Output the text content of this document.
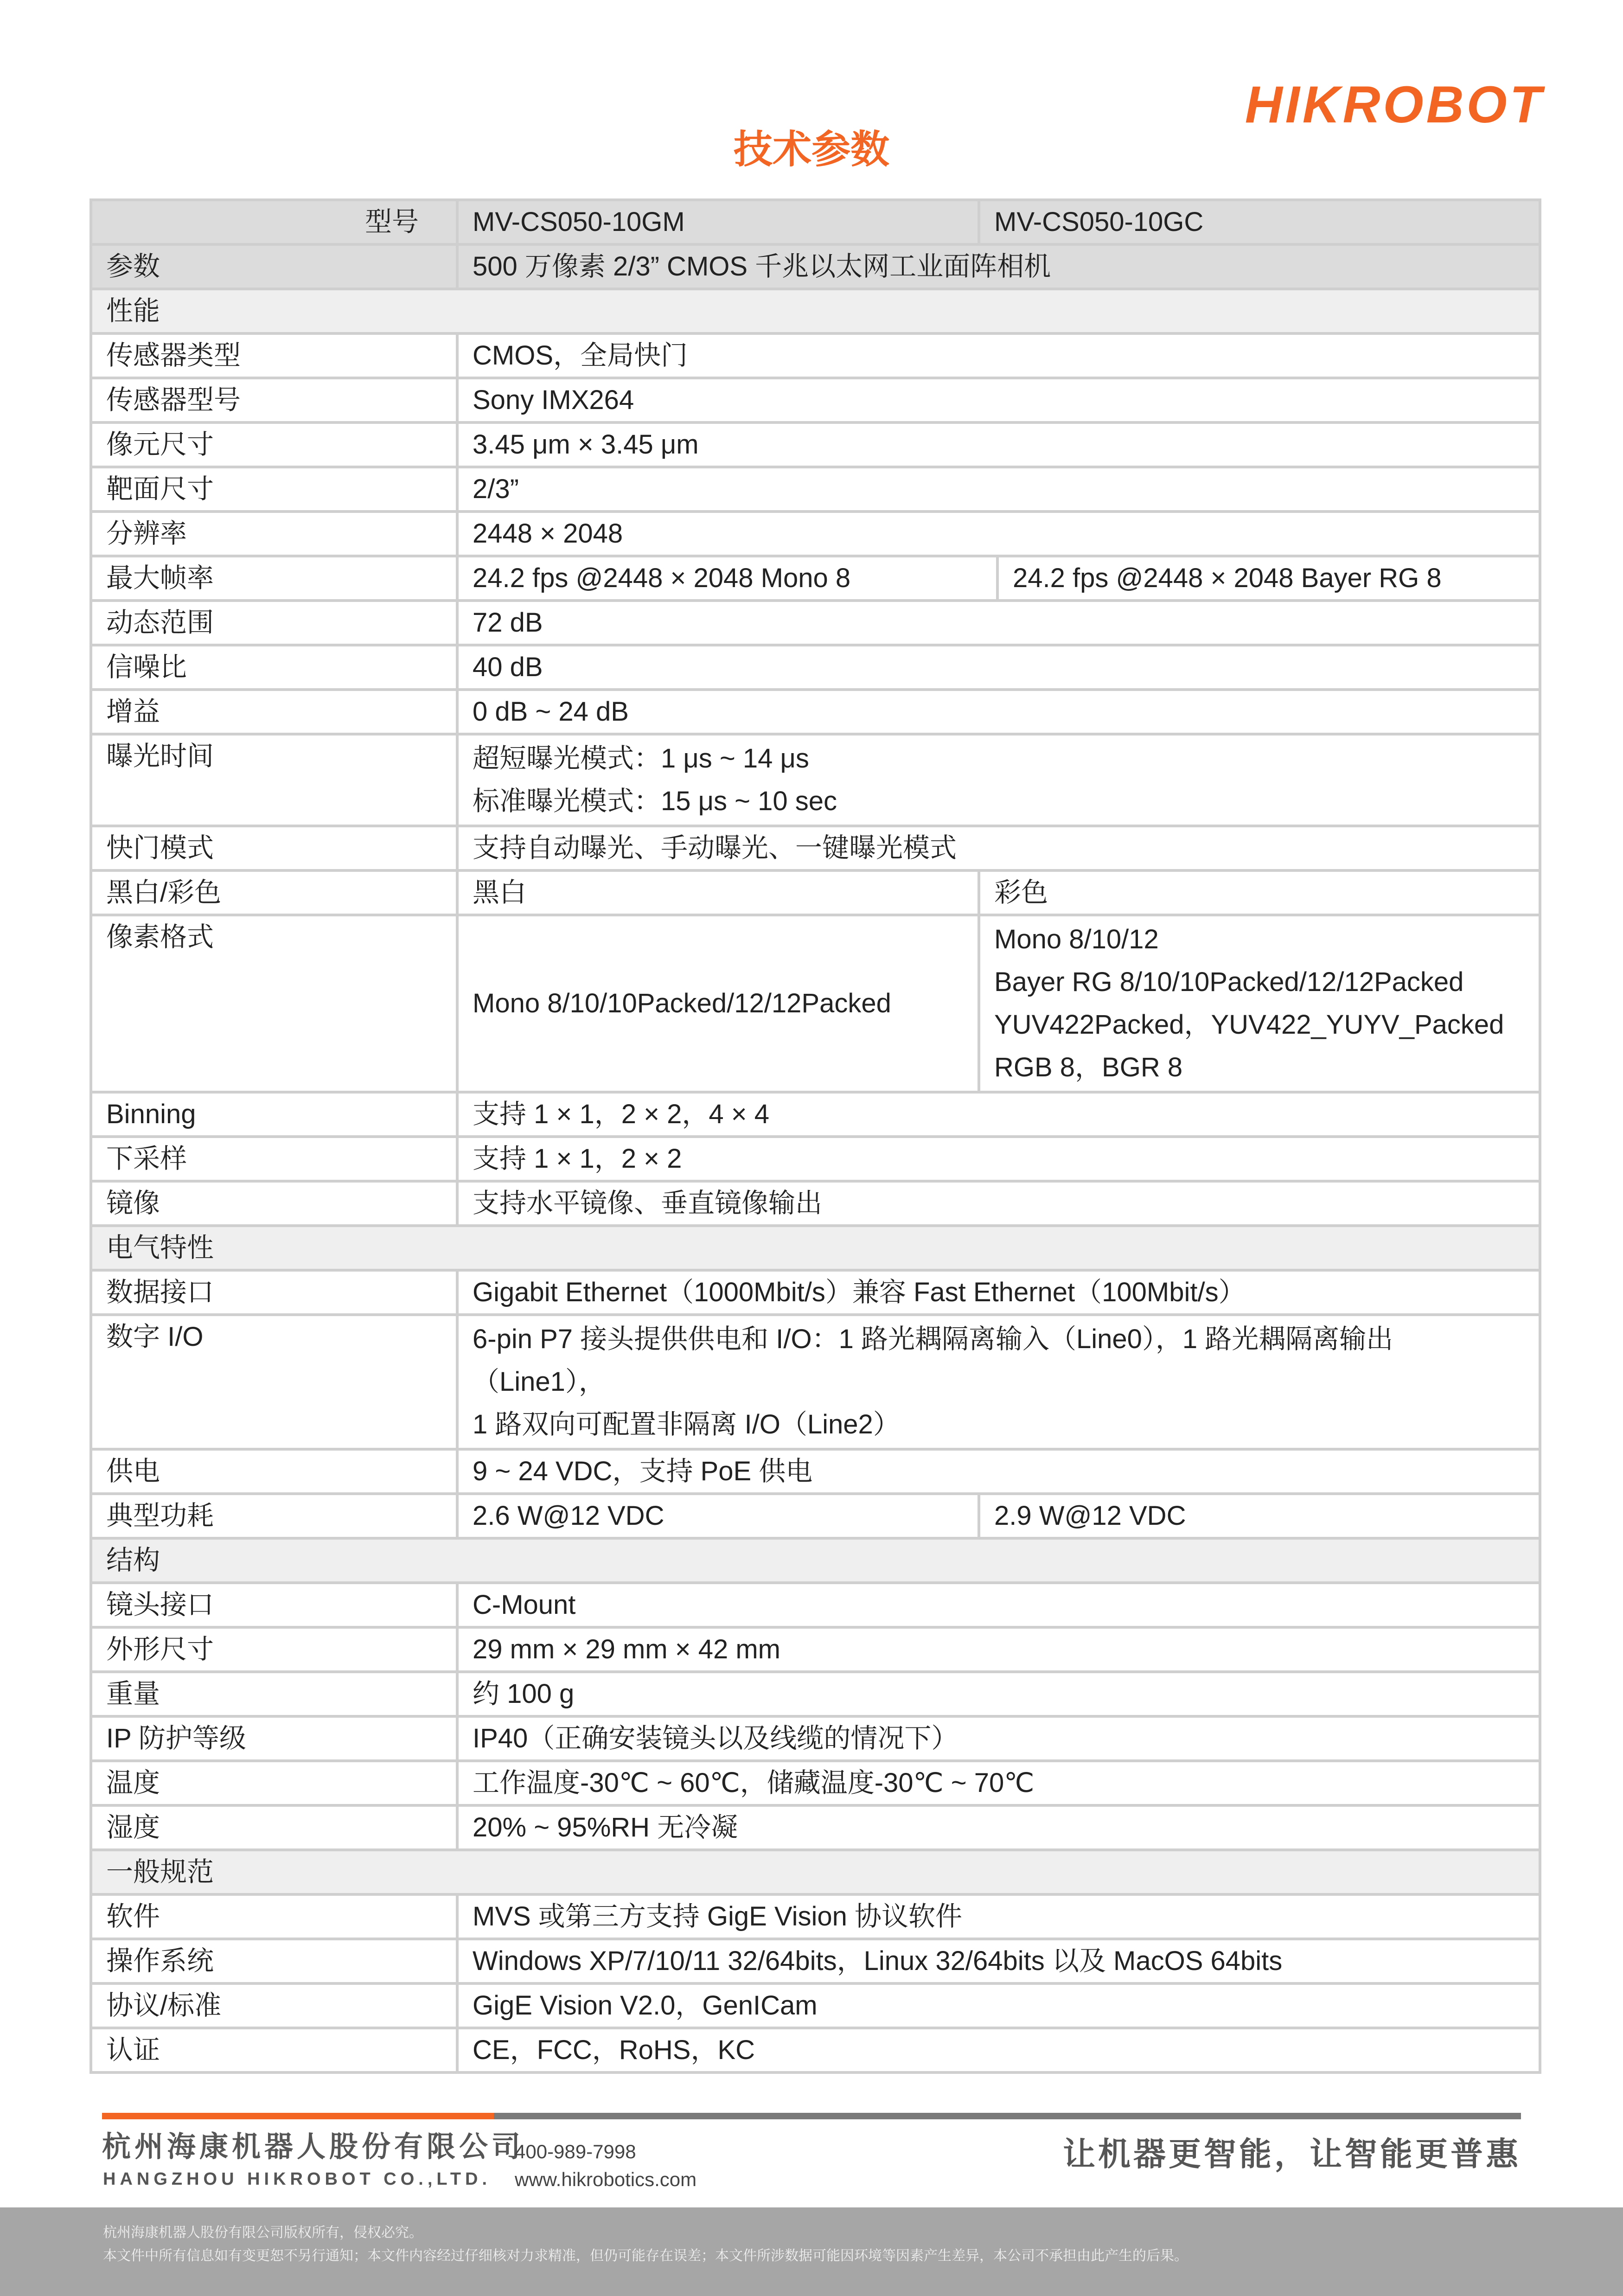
HIKROBOT
技术参数
型号	MV-CS050-10GM	MV-CS050-10GC	
参数	500 万像素 2/3” CMOS 千兆以太网工业面阵相机		
性能			
传感器类型	CMOS，全局快门		
传感器型号	Sony IMX264		
像元尺寸	3.45 μm × 3.45 μm		
靶面尺寸	2/3”		
分辨率	2448 × 2048		
最大帧率	24.2 fps @2448 × 2048 Mono 8		24.2 fps @2448 × 2048 Bayer RG 8
动态范围	72 dB		
信噪比	40 dB		
增益	0 dB ~ 24 dB		
曝光时间	超短曝光模式：1 μs ~ 14 μs
标准曝光模式：15 μs ~ 10 sec		

快门模式	支持自动曝光、手动曝光、一键曝光模式		
黑白/彩色	黑白	彩色	
像素格式	Mono 8/10/10Packed/12/12Packed	Mono 8/10/12
Bayer RG 8/10/10Packed/12/12Packed
YUV422Packed，YUV422_YUYV_Packed
RGB 8，BGR 8	

Binning	支持 1 × 1，2 × 2，4 × 4		
下采样	支持 1 × 1，2 × 2		
镜像	支持水平镜像、垂直镜像输出		
电气特性			
数据接口	Gigabit Ethernet（1000Mbit/s）兼容 Fast Ethernet（100Mbit/s）		
数字 I/O	6-pin P7 接头提供供电和 I/O：1 路光耦隔离输入（Line0），1 路光耦隔离输出（Line1），
1 路双向可配置非隔离 I/O（Line2）		

供电	9 ~ 24 VDC，支持 PoE 供电		
典型功耗	2.6 W@12 VDC	2.9 W@12 VDC	
结构			
镜头接口	C-Mount		
外形尺寸	29 mm × 29 mm × 42 mm		
重量	约 100 g		
IP 防护等级	IP40（正确安装镜头以及线缆的情况下）		
温度	工作温度-30℃ ~ 60℃，储藏温度-30℃ ~ 70℃		
湿度	20% ~ 95%RH 无冷凝		
一般规范			
软件	MVS 或第三方支持 GigE Vision 协议软件		
操作系统	Windows XP/7/10/11 32/64bits，Linux 32/64bits 以及 MacOS 64bits		
协议/标准	GigE Vision V2.0，GenICam		
认证	CE，FCC，RoHS，KC		
杭州海康机器人股份有限公司
HANGZHOU HIKROBOT CO.,LTD.
400-989-7998
www.hikrobotics.com
让机器更智能，让智能更普惠
杭州海康机器人股份有限公司版权所有，侵权必究。
本文件中所有信息如有变更恕不另行通知；本文件内容经过仔细核对力求精准，但仍可能存在误差；本文件所涉数据可能因环境等因素产生差异，本公司不承担由此产生的后果。
